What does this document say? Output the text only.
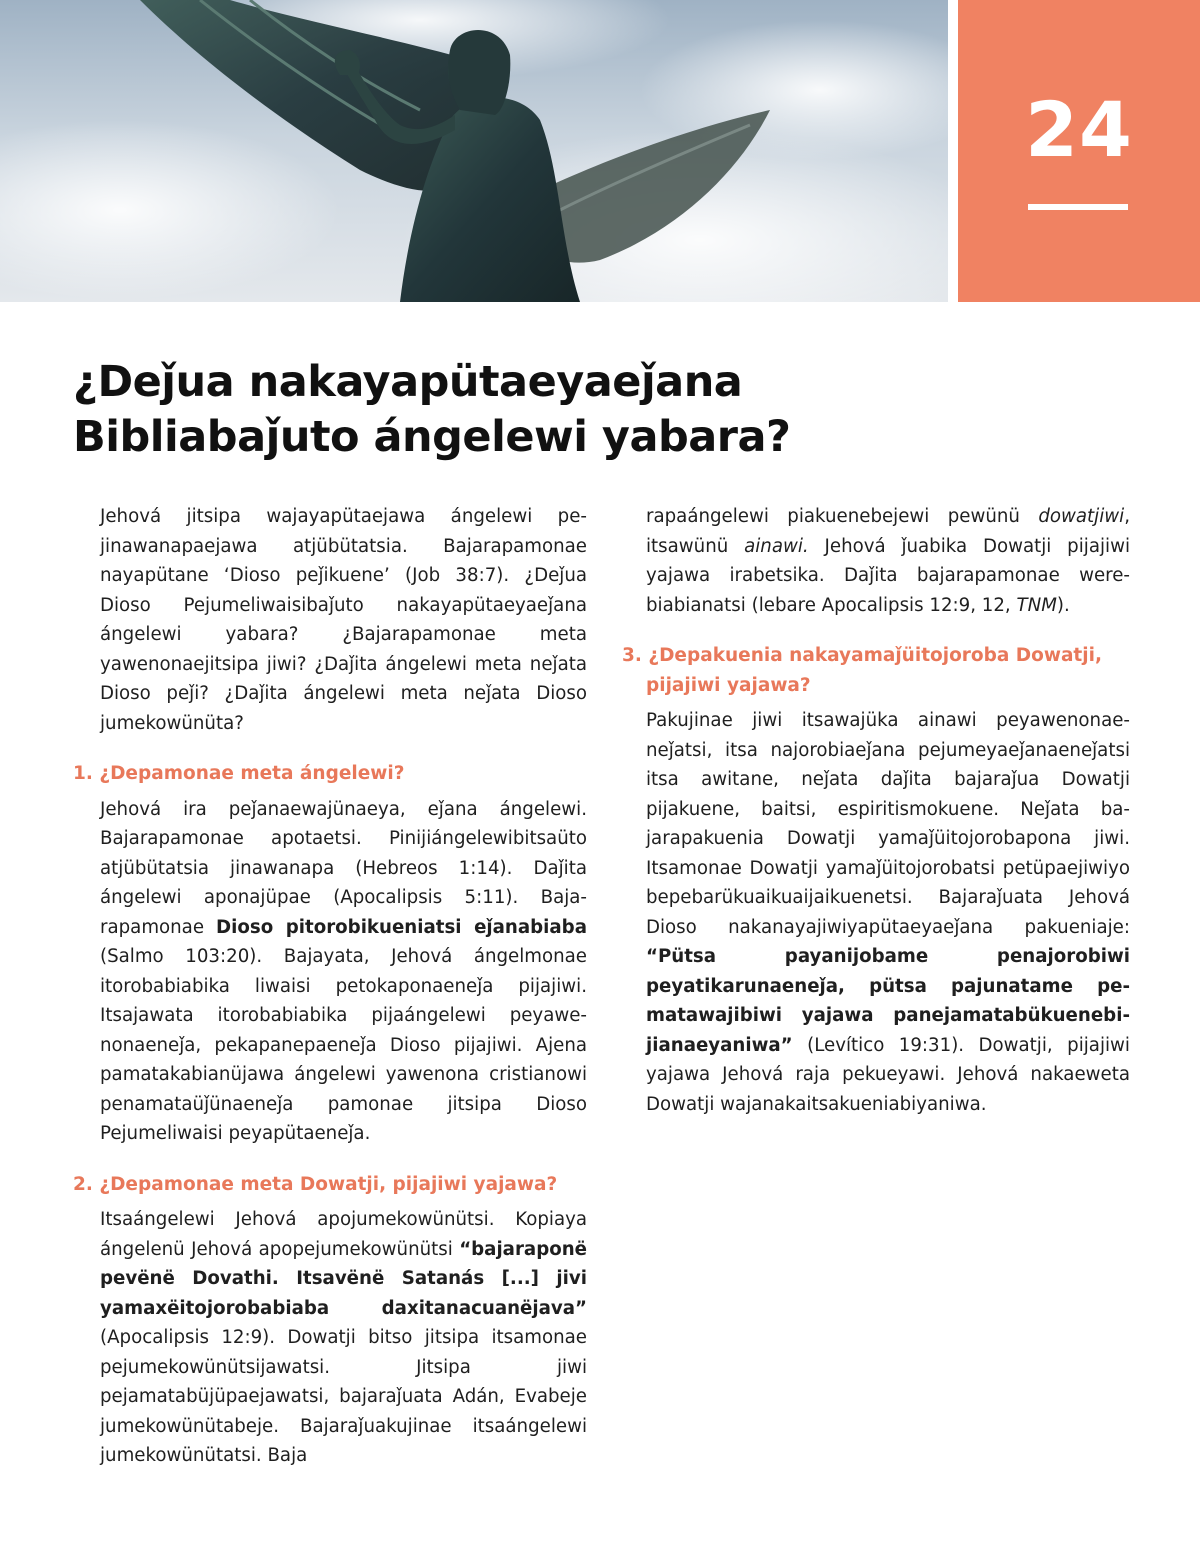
24
¿Deǰua nakayapütaeyaeǰana
Bibliabaǰuto ángelewi yabara?

Jehová jitsipa wajayapütaejawa ángelewi pejinawanapaejawa atjübütatsia. Bajarapamonae nayapütane ‘Dioso peǰikuene’ (Job 38:7). ¿Deǰua Dioso Pejumeliwaisibaǰuto nakayapütaeyaeǰana ángelewi yabara? ¿Bajarapamonae meta yawenonaejitsipa jiwi? ¿Daǰita ángelewi meta neǰata Dioso peǰi? ¿Daǰita ángelewi meta neǰata Dioso jumekowünüta?

1. ¿Depamonae meta ángelewi?

Jehová ira peǰanaewajünaeya, eǰana ángelewi. Bajarapamonae apotaetsi. Pinijiángelewibitsaüto atjübütatsia jinawanapa (Hebreos 1:14). Daǰita ángelewi aponajüpae (Apocalipsis 5:11). Bajarapamonae Dioso pitorobikueniatsi eǰanabiaba (Salmo 103:20). Bajayata, Jehová ángelmonae itorobabiabika liwaisi petokaponaeneǰa pijajiwi. Itsajawata itorobabiabika pijaángelewi peyawenonaeneǰa, pekapanepaeneǰa Dioso pijajiwi. Ajena pamatakabianüjawa ángelewi yawenona cristianowi penamataüǰünaeneǰa pamonae jitsipa Dioso Pejumeliwaisi peyapütaeneǰa.

2. ¿Depamonae meta Dowatji, pijajiwi yajawa?

Itsaángelewi Jehová apojumekowünütsi. Kopiaya ángelenü Jehová apopejumekowünütsi “bajaraponë pevënë Dovathi. Itsavënë Satanás [...] jivi yamaxëitojorobabiaba daxitanacuanëjava” (Apocalipsis 12:9). Dowatji bitso jitsipa itsamonae pejumekowünütsijawatsi. Jitsipa jiwi pejamatabüjüpaejawatsi, bajaraǰuata Adán, Evabeje jumekowünütabeje. Bajaraǰuakujinae itsaángelewi jumekowünütatsi. Baja

rapaángelewi piakuenebejewi pewünü dowatjiwi, itsawünü ainawi. Jehová ǰuabika Dowatji pijajiwi yajawa irabetsika. Daǰita bajarapamonae werebiabianatsi (lebare Apocalipsis 12:9, 12, TNM).

3. ¿Depakuenia nakayamaǰüitojoroba Dowatji, pijajiwi yajawa?

Pakujinae jiwi itsawajüka ainawi peyawenonaeneǰatsi, itsa najorobiaeǰana pejumeyaeǰanaeneǰatsi itsa awitane, neǰata daǰita bajaraǰua Dowatji pijakuene, baitsi, espiritismokuene. Neǰata bajarapakuenia Dowatji yamaǰüitojorobapona jiwi. Itsamonae Dowatji yamaǰüitojorobatsi petüpaejiwiyo bepebarükuaikuaijaikuenetsi. Bajaraǰuata Jehová Dioso nakanayajiwiyapütaeyaeǰana pakueniaje: “Pütsa payanijobame penajorobiwi peyatikarunaeneǰa, pütsa pajunatame pematawajibiwi yajawa panejamatabükuenebijianaeyaniwa” (Levítico 19:31). Dowatji, pijajiwi yajawa Jehová raja pekueyawi. Jehová nakaeweta Dowatji wajanakaitsakueniabiyaniwa.
